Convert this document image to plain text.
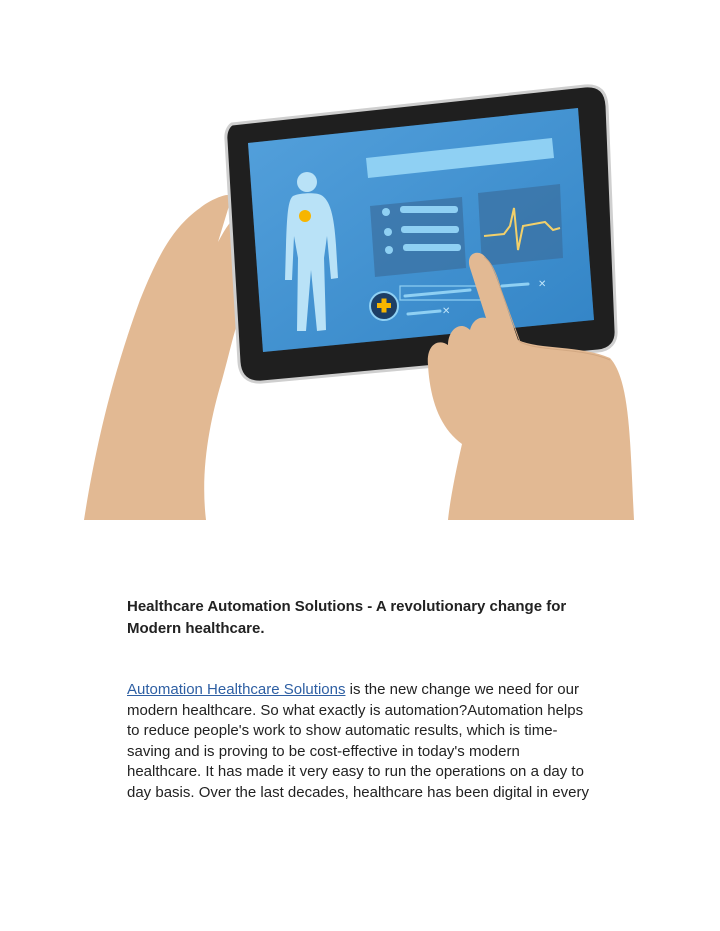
✕
✕

Healthcare Automation Solutions - A revolutionary change for
Modern healthcare.

Automation Healthcare Solutions is the new change we need for our
modern healthcare. So what exactly is automation?Automation helps
to reduce people's work to show automatic results, which is time-
saving and is proving to be cost-effective in today's modern
healthcare. It has made it very easy to run the operations on a day to
day basis. Over the last decades, healthcare has been digital in every
